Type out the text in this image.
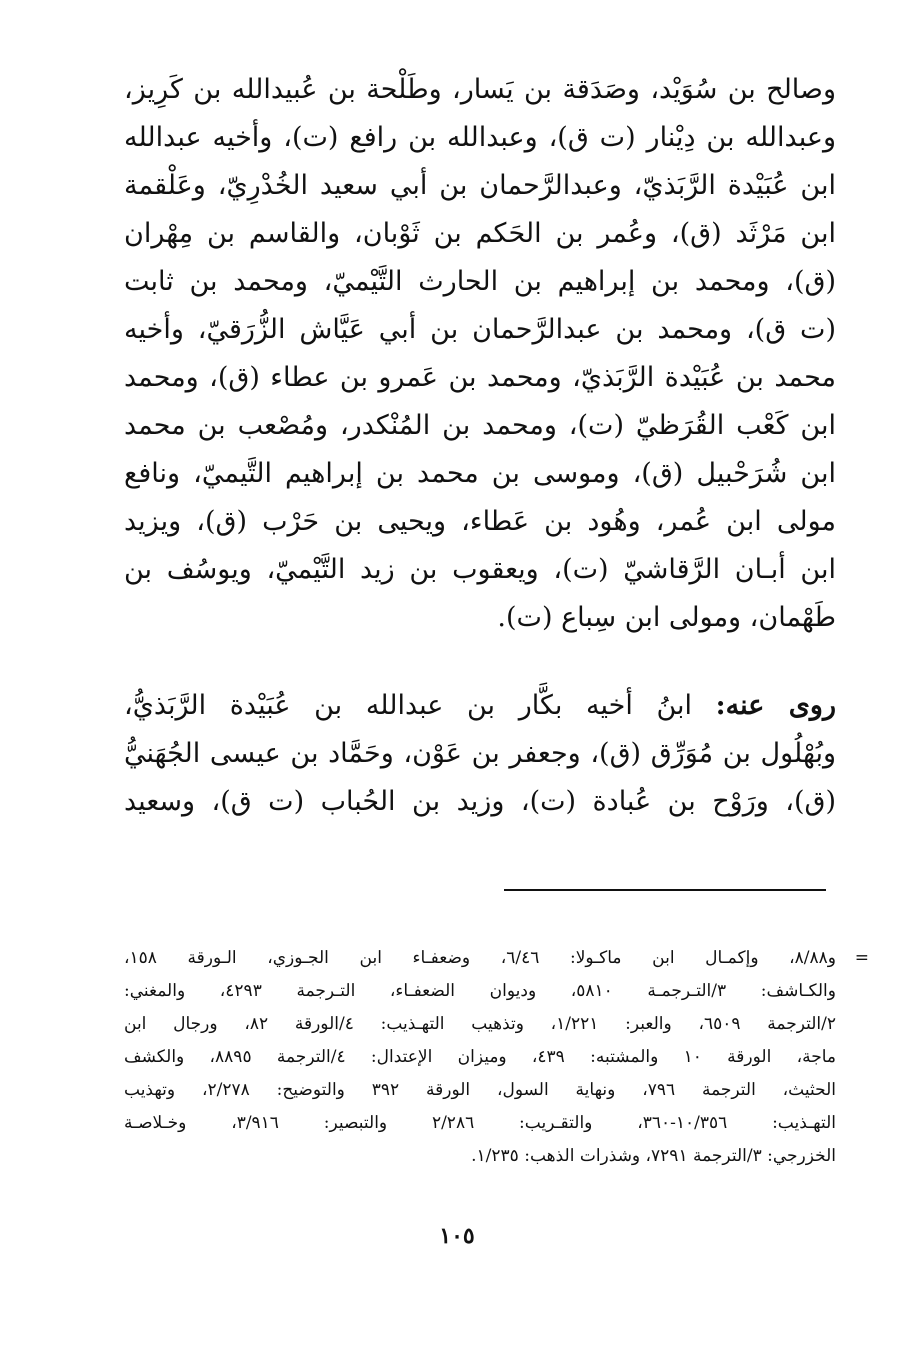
وصالح بن سُوَيْد، وصَدَقة بن يَسار، وطَلْحة بن عُبيدالله بن كَرِيز،
وعبدالله بن دِيْنار (ت ق)، وعبدالله بن رافع (ت)، وأخيه عبدالله
ابن عُبَيْدة الرَّبَذيّ، وعبدالرَّحمان بن أبي سعيد الخُدْرِيّ، وعَلْقمة
ابن مَرْثَد (ق)، وعُمر بن الحَكم بن ثَوْبان، والقاسم بن مِهْران
(ق)، ومحمد بن إبراهيم بن الحارث التَّيْميّ، ومحمد بن ثابت
(ت ق)، ومحمد بن عبدالرَّحمان بن أبي عَيَّاش الزُّرَقيّ، وأخيه
محمد بن عُبَيْدة الرَّبَذيّ، ومحمد بن عَمرو بن عطاء (ق)، ومحمد
ابن كَعْب القُرَظيّ (ت)، ومحمد بن المُنْكدر، ومُصْعب بن محمد
ابن شُرَحْبيل (ق)، وموسى بن محمد بن إبراهيم التَّيميّ، ونافع
مولى ابن عُمر، وهُود بن عَطاء، ويحيى بن حَرْب (ق)، ويزيد
ابن أبـان الرَّقاشيّ (ت)، ويعقوب بن زيد التَّيْميّ، ويوسُف بن
طَهْمان، ومولى ابن سِباع (ت).
روى عنه: ابنُ أخيه بكَّار بن عبدالله بن عُبَيْدة الرَّبَذيُّ،
وبُهْلُول بن مُوَرِّق (ق)، وجعفر بن عَوْن، وحَمَّاد بن عيسى الجُهَنيُّ
(ق)، ورَوْح بن عُبادة (ت)، وزيد بن الحُباب (ت ق)، وسعيد
=
و٨/٨٨، وإكمـال ابن ماكـولا: ٦/٤٦، وضعفـاء ابن الجـوزي، الـورقة ١٥٨،
والكـاشف: ٣/التـرجمـة ٥٨١٠، وديوان الضعفـاء، التـرجمة ٤٢٩٣، والمغني:
٢/الترجمة ٦٥٠٩، والعبر: ١/٢٢١، وتذهيب التهـذيب: ٤/الورقة ٨٢، ورجال ابن
ماجة، الورقة ١٠ والمشتبه: ٤٣٩، وميزان الإعتدال: ٤/الترجمة ٨٨٩٥، والكشف
الحثيث، الترجمة ٧٩٦، ونهاية السول، الورقة ٣٩٢ والتوضيح: ٢/٢٧٨، وتهذيب
التهـذيب: ١٠/٣٥٦-٣٦٠، والتقـريب: ٢/٢٨٦ والتبصير: ٣/٩١٦، وخـلاصـة
الخزرجي: ٣/الترجمة ٧٢٩١، وشذرات الذهب: ١/٢٣٥.
١٠٥
